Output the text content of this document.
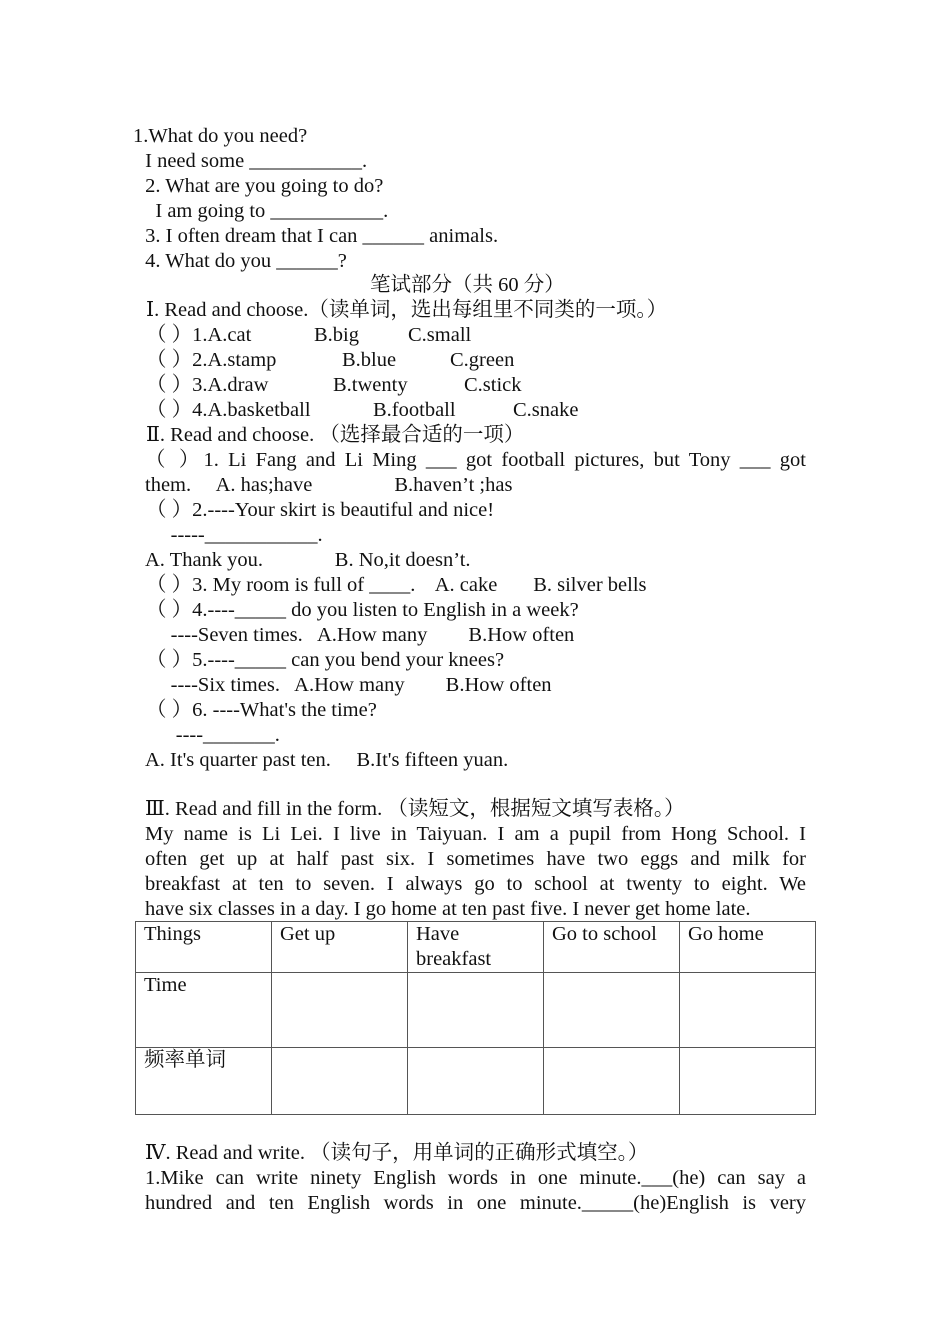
1.What do you need?
I need some ___________.
2. What are you going to do?
I am going to ___________.
3. I often dream that I can ______ animals.
4. What do you ______?
笔试部分（共 60 分）
Ⅰ. Read and choose.（读单词，选出每组里不同类的一项。）
（ ）1.A.cat	B.big C.small
（ ）2.A.stamp	B.blue	C.green
（ ）3.A.draw	B.twenty	C.stick
（ ）4.A.basketball	B.football	C.snake
Ⅱ. Read and choose. （选择最合适的一项）
（ ）1. Li Fang and Li Ming ___ got football pictures, but Tony ___ got
them.     A. has;have                B.haven’t ;has
（ ）2.----Your skirt is beautiful and nice!
-----___________.
A. Thank you.              B. No,it doesn’t.
（ ）3. My room is full of ____.    A. cake       B. silver bells
（ ）4.----_____ do you listen to English in a week?
----Seven times.   A.How many        B.How often
（ ）5.----_____ can you bend your knees?
----Six times.   A.How many        B.How often
（ ）6. ----What's the time?
----_______.
A. It's quarter past ten.     B.It's fifteen yuan.
Ⅲ. Read and fill in the form. （读短文，根据短文填写表格。）
My name is Li Lei. I live in Taiyuan. I am a pupil from Hong School. I
often get up at half past six. I sometimes have two eggs and milk for
breakfast at ten to seven. I always go to school at twenty to eight. We
have six classes in a day. I go home at ten past five. I never get home late.
Things	Get up	Have breakfast	Go to school	Go home
Time				
频率单词				
Ⅳ. Read and write. （读句子，用单词的正确形式填空。）
1.Mike can write ninety English words in one minute.___(he) can say a
hundred and ten English words in one minute._____(he)English is very
